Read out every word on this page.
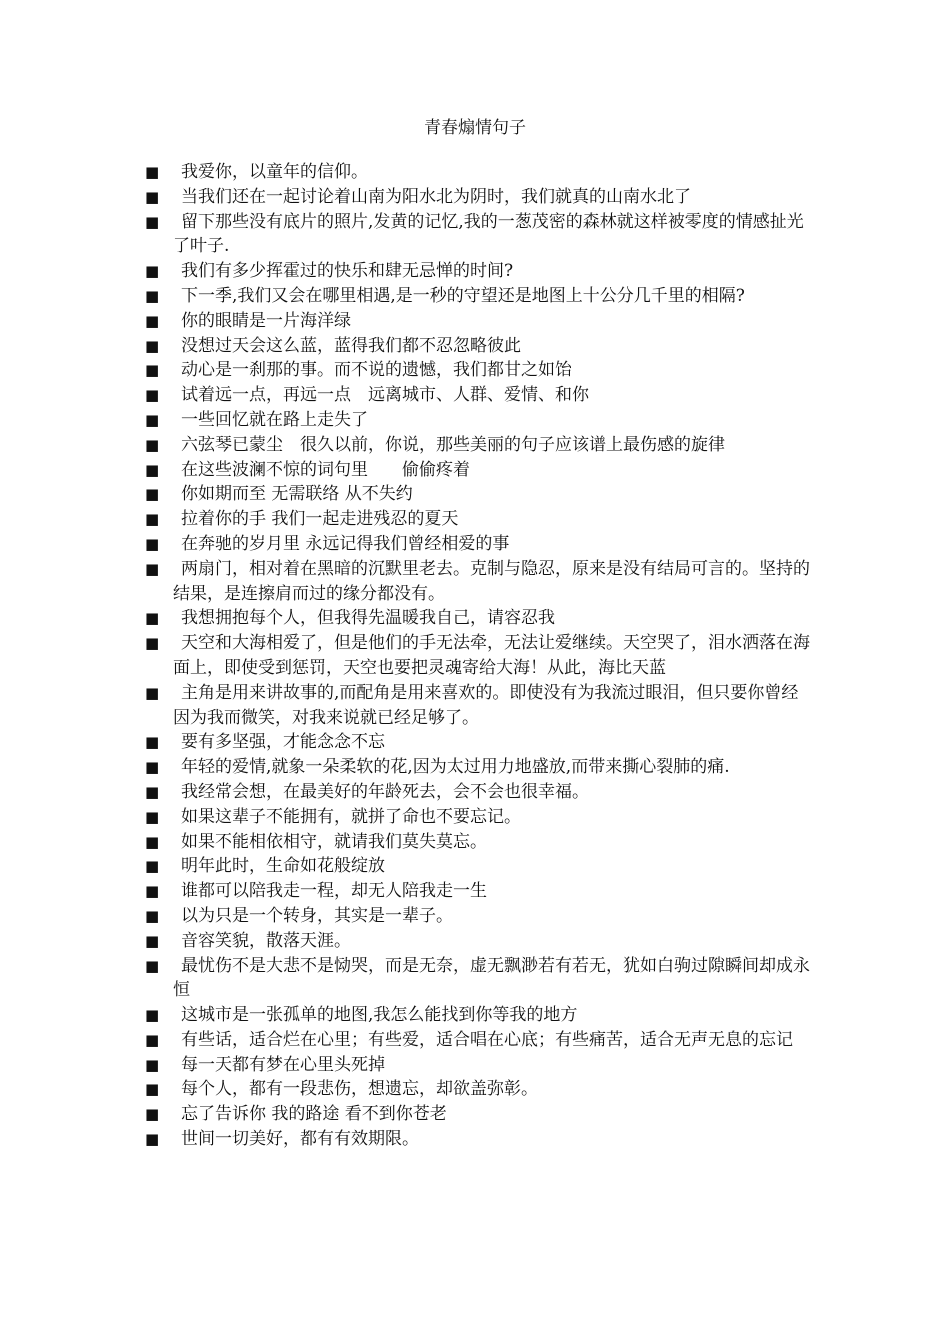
青春煽情句子
■	我爱你，以童年的信仰。
■	当我们还在一起讨论着山南为阳水北为阴时，我们就真的山南水北了
■	留下那些没有底片的照片,发黄的记忆,我的一葱茂密的森林就这样被零度的情感扯光了叶子.
■	我们有多少挥霍过的快乐和肆无忌惮的时间?
■	下一季,我们又会在哪里相遇,是一秒的守望还是地图上十公分几千里的相隔?
■	你的眼睛是一片海洋绿
■	没想过天会这么蓝，蓝得我们都不忍忽略彼此
■	动心是一刹那的事。而不说的遗憾，我们都甘之如饴
■	试着远一点，再远一点　远离城市、人群、爱情、和你
■	一些回忆就在路上走失了
■	六弦琴已蒙尘　很久以前，你说，那些美丽的句子应该谱上最伤感的旋律
■	在这些波澜不惊的词句里　　偷偷疼着
■	你如期而至 无需联络 从不失约
■	拉着你的手 我们一起走进残忍的夏天
■	在奔驰的岁月里 永远记得我们曾经相爱的事
■	两扇门，相对着在黑暗的沉默里老去。克制与隐忍，原来是没有结局可言的。坚持的结果，是连擦肩而过的缘分都没有。
■	我想拥抱每个人，但我得先温暖我自己，请容忍我
■	天空和大海相爱了，但是他们的手无法牵，无法让爱继续。天空哭了，泪水洒落在海面上，即使受到惩罚，天空也要把灵魂寄给大海！从此，海比天蓝
■	主角是用来讲故事的,而配角是用来喜欢的。即使没有为我流过眼泪，但只要你曾经因为我而微笑，对我来说就已经足够了。
■	要有多坚强，才能念念不忘
■	年轻的爱情,就象一朵柔软的花,因为太过用力地盛放,而带来撕心裂肺的痛.
■	我经常会想，在最美好的年龄死去，会不会也很幸福。
■	如果这辈子不能拥有，就拼了命也不要忘记。
■	如果不能相依相守，就请我们莫失莫忘。
■	明年此时，生命如花般绽放
■	谁都可以陪我走一程，却无人陪我走一生
■	以为只是一个转身，其实是一辈子。
■	音容笑貌，散落天涯。
■	最忧伤不是大悲不是恸哭，而是无奈，虚无飘渺若有若无，犹如白驹过隙瞬间却成永恒
■	这城市是一张孤单的地图,我怎么能找到你等我的地方
■	有些话，适合烂在心里；有些爱，适合唱在心底；有些痛苦，适合无声无息的忘记
■	每一天都有梦在心里头死掉
■	每个人，都有一段悲伤，想遗忘，却欲盖弥彰。
■	忘了告诉你 我的路途 看不到你苍老
■	世间一切美好，都有有效期限。
